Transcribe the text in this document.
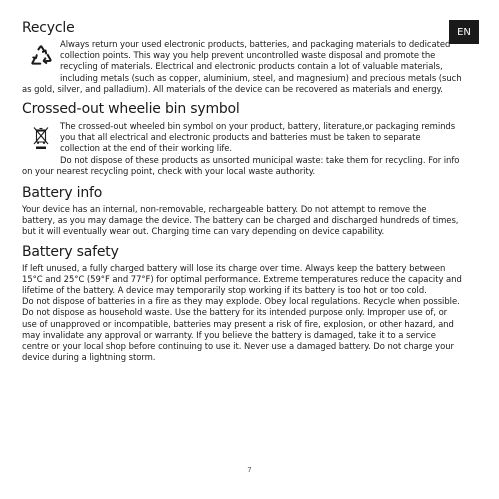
EN
Recycle

Always return your used electronic products, batteries, and packaging materials to dedicated collection points. This way you help prevent uncontrolled waste disposal and promote the recycling of materials. Electrical and electronic products contain a lot of valuable materials, including metals (such as copper, aluminium, steel, and magnesium) and precious metals (such as gold, silver, and palladium). All materials of the device can be recovered as materials and energy.

Crossed-out wheelie bin symbol

The crossed-out wheeled bin symbol on your product, battery, literature,or packaging reminds you that all electrical and electronic products and batteries must be taken to separate collection at the end of their working life.

Do not dispose of these products as unsorted municipal waste: take them for recycling. For info on your nearest recycling point, check with your local waste authority.

Battery info

Your device has an internal, non-removable, rechargeable battery. Do not attempt to remove the battery, as you may damage the device. The battery can be charged and discharged hundreds of times, but it will eventually wear out. Charging time can vary depending on device capability.

Battery safety

If left unused, a fully charged battery will lose its charge over time. Always keep the battery between 15°C and 25°C (59°F and 77°F) for optimal performance. Extreme temperatures reduce the capacity and lifetime of the battery. A device may temporarily stop working if its battery is too hot or too cold.

Do not dispose of batteries in a fire as they may explode. Obey local regulations. Recycle when possible. Do not dispose as household waste. Use the battery for its intended purpose only. Improper use of, or use of unapproved or incompatible, batteries may present a risk of fire, explosion, or other hazard, and may invalidate any approval or warranty. If you believe the battery is damaged, take it to a service centre or your local shop before continuing to use it. Never use a damaged battery. Do not charge your device during a lightning storm.

7
